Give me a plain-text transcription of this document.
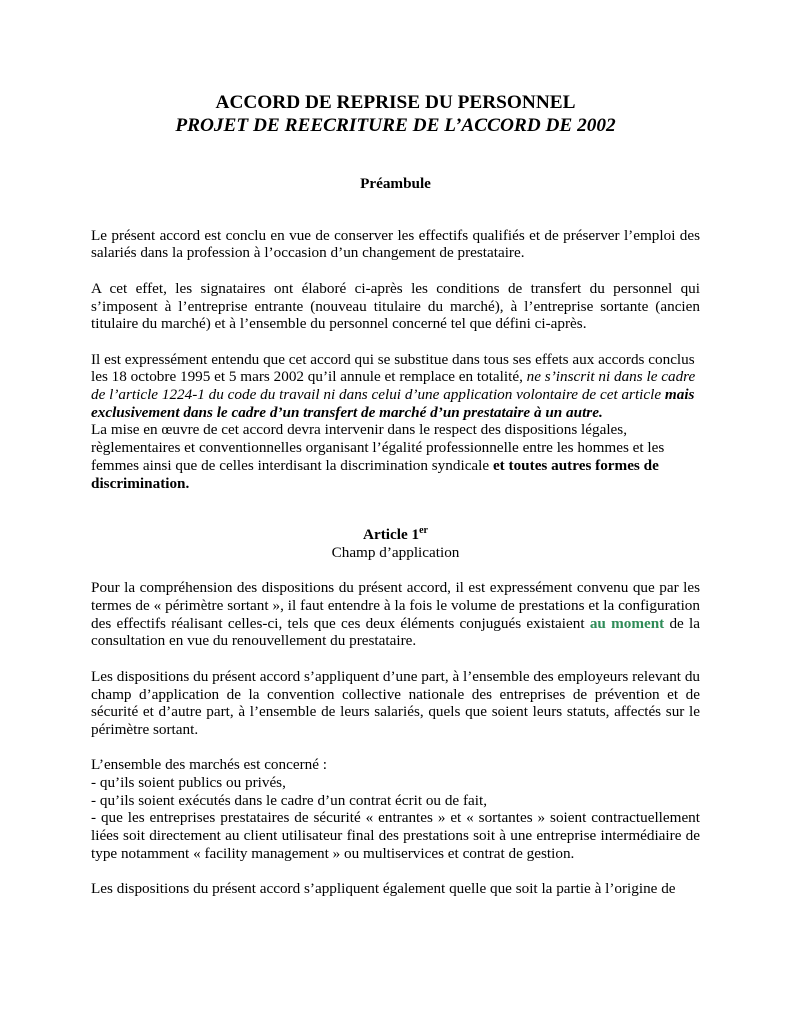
ACCORD DE REPRISE DU PERSONNEL

PROJET DE REECRITURE DE L’ACCORD DE 2002

Préambule

Le présent accord est conclu en vue de conserver les effectifs qualifiés et de préserver l’emploi des salariés dans la profession à l’occasion d’un changement de prestataire.

A cet effet, les signataires ont élaboré ci-après les conditions de transfert du personnel qui s’imposent à l’entreprise entrante (nouveau titulaire du marché), à l’entreprise sortante (ancien titulaire du marché) et à l’ensemble du personnel concerné tel que défini ci-après.

Il est expressément entendu que cet accord qui se substitue dans tous ses effets aux accords conclus les 18 octobre 1995 et 5 mars 2002 qu’il annule et remplace en totalité, ne s’inscrit ni dans le cadre de l’article 1224-1 du code du travail ni dans celui d’une application volontaire de cet article mais exclusivement dans le cadre d’un transfert de marché d’un prestataire à un autre.

La mise en œuvre de cet accord devra intervenir dans le respect des dispositions légales, règlementaires et conventionnelles organisant l’égalité professionnelle entre les hommes et les femmes ainsi que de celles interdisant la discrimination syndicale et toutes autres formes de discrimination.

Article 1er
Champ d’application

Pour la compréhension des dispositions du présent accord, il est expressément convenu que par les termes de « périmètre sortant », il faut entendre à la fois le volume de prestations et la configuration des effectifs réalisant celles-ci, tels que ces deux éléments conjugués existaient au moment de la consultation en vue du renouvellement du prestataire.

Les dispositions du présent accord s’appliquent d’une part, à l’ensemble des employeurs relevant du champ d’application de la convention collective nationale des entreprises de prévention et de sécurité et d’autre part, à l’ensemble de leurs salariés, quels que soient leurs statuts, affectés sur le périmètre sortant.

L’ensemble des marchés est concerné :

- qu’ils soient publics ou privés,
- qu’ils soient exécutés dans le cadre d’un contrat écrit ou de fait,
- que les entreprises prestataires de sécurité « entrantes » et « sortantes » soient contractuellement liées soit directement au client utilisateur final des prestations soit à une entreprise intermédiaire de type notamment « facility management » ou multiservices et contrat de gestion.

Les dispositions du présent accord s’appliquent également quelle que soit la partie à l’origine de
